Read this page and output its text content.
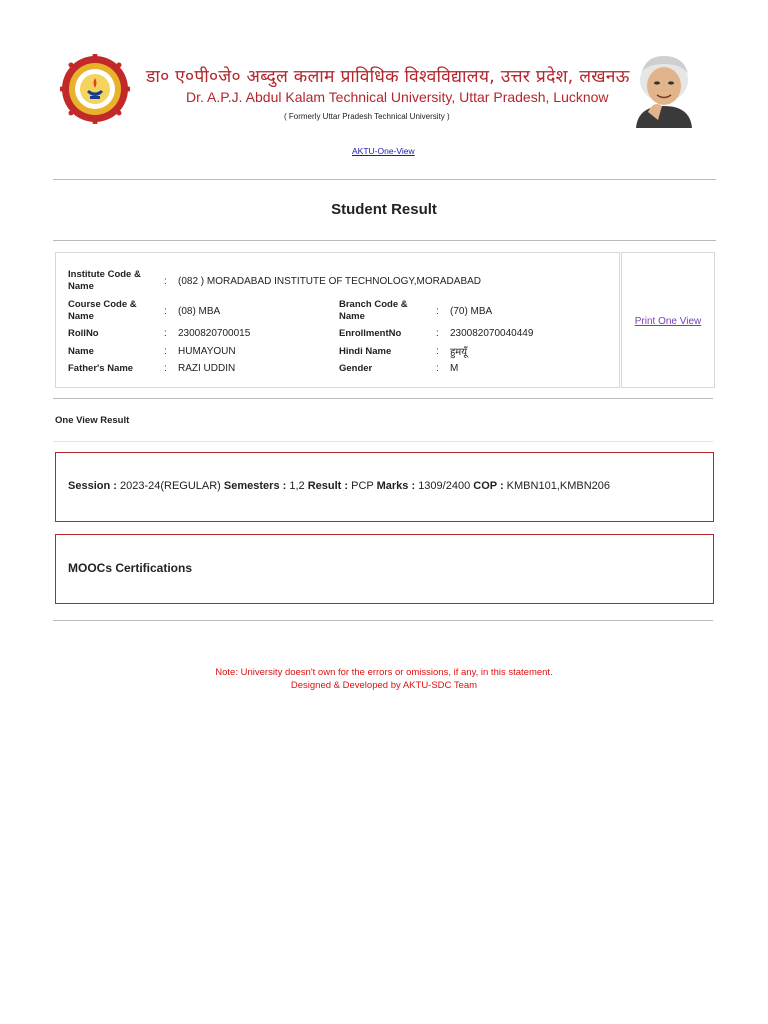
डा० ए०पी०जे० अब्दुल कलाम प्राविधिक विश्वविद्यालय, उत्तर प्रदेश, लखनऊ
Dr. A.P.J. Abdul Kalam Technical University, Uttar Pradesh, Lucknow
( Formerly Uttar Pradesh Technical University )
AKTU-One-View
Student Result
Institute Code & Name	: (082 ) MORADABAD INSTITUTE OF TECHNOLOGY,MORADABAD
Course Code & Name	: (08) MBA
Branch Code & Name	: (70) MBA
RollNo	: 2300820700015	EnrollmentNo	: 230082070040449
Name	: HUMAYOUN	Hindi Name	: हुमयूँ
Father's Name	: RAZI UDDIN	Gender	: M
Print One View
One View Result
Session : 2023-24(REGULAR) Semesters : 1,2 Result : PCP Marks : 1309/2400 COP : KMBN101,KMBN206
MOOCs Certifications
Note: University doesn't own for the errors or omissions, if any, in this statement.
Designed & Developed by AKTU-SDC Team
